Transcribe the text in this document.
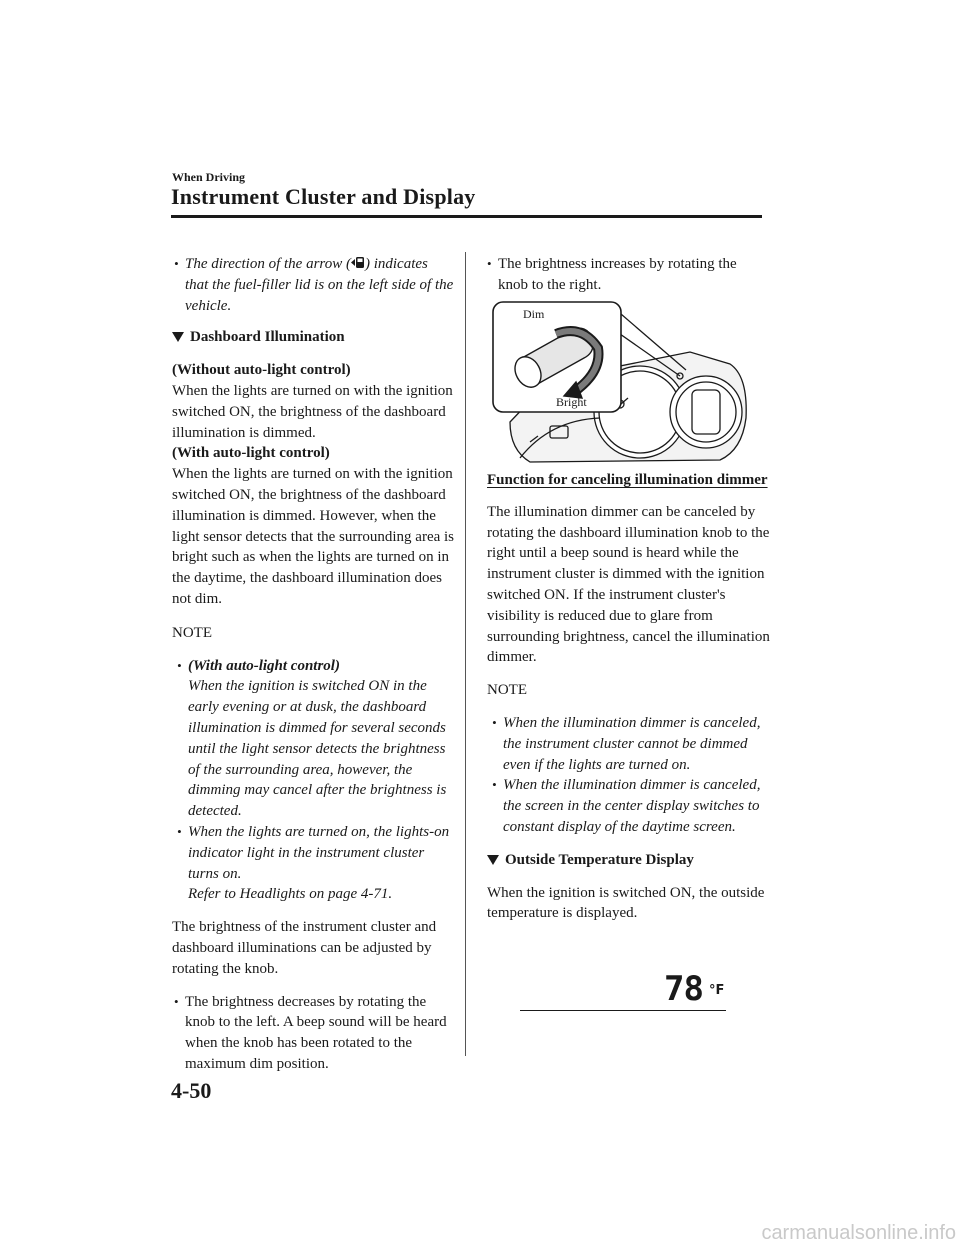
When Driving
Instrument Cluster and Display
• The direction of the arrow ( ) indicates that the fuel-filler lid is on the left side of the vehicle.

Dashboard Illumination

(Without auto-light control)

When the lights are turned on with the ignition switched ON, the brightness of the dashboard illumination is dimmed.

(With auto-light control)

When the lights are turned on with the ignition switched ON, the brightness of the dashboard illumination is dimmed. However, when the light sensor detects that the surrounding area is bright such as when the lights are turned on in the daytime, the dashboard illumination does not dim.

NOTE

• (With auto-light control)

When the ignition is switched ON in the early evening or at dusk, the dashboard illumination is dimmed for several seconds until the light sensor detects the brightness of the surrounding area, however, the dimming may cancel after the brightness is detected.

• When the lights are turned on, the lights-on indicator light in the instrument cluster turns on.

Refer to Headlights on page 4-71.

The brightness of the instrument cluster and dashboard illuminations can be adjusted by rotating the knob.

• The brightness decreases by rotating the knob to the left. A beep sound will be heard when the knob has been rotated to the maximum dim position.

• The brightness increases by rotating the knob to the right.

Dim
Bright

Function for canceling illumination dimmer

The illumination dimmer can be canceled by rotating the dashboard illumination knob to the right until a beep sound is heard while the instrument cluster is dimmed with the ignition switched ON. If the instrument cluster's visibility is reduced due to glare from surrounding brightness, cancel the illumination dimmer.

NOTE

• When the illumination dimmer is canceled, the instrument cluster cannot be dimmed even if the lights are turned on.

• When the illumination dimmer is canceled, the screen in the center display switches to constant display of the daytime screen.

Outside Temperature Display

When the ignition is switched ON, the outside temperature is displayed.

78 °F
4-50
carmanualsonline.info
